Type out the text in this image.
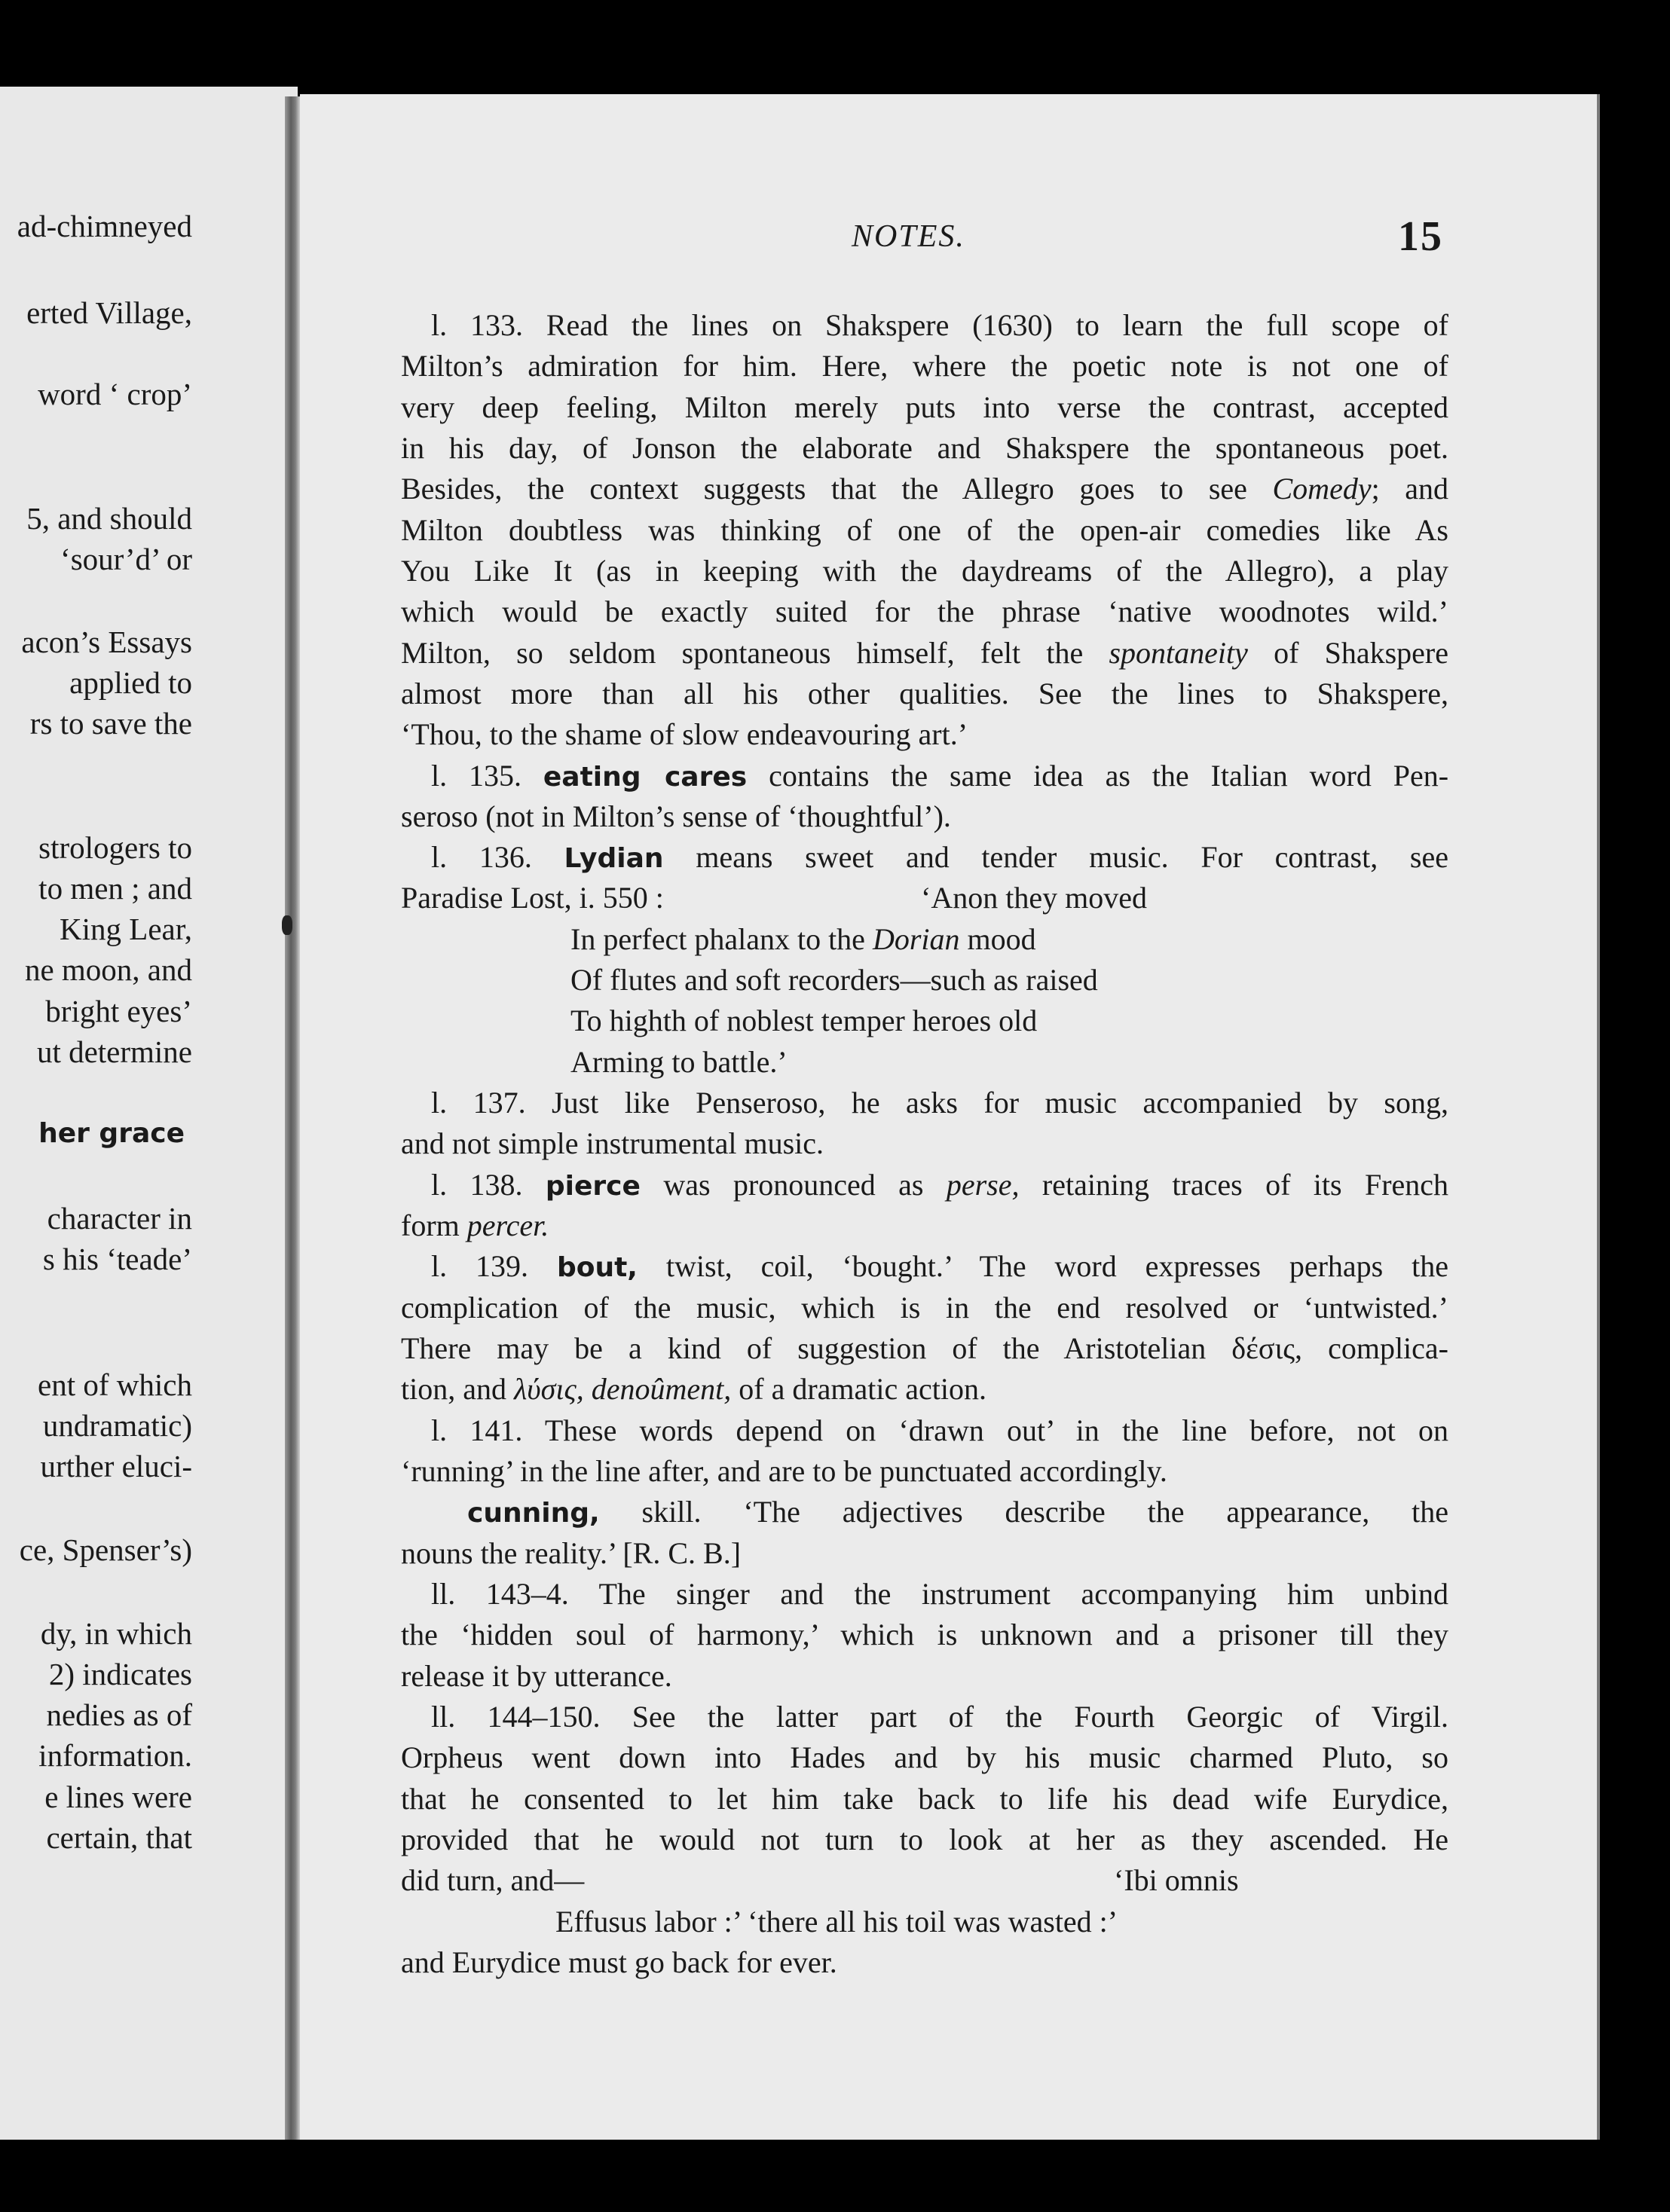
ad-chimneyed
erted Village,
word ‘ crop’
5, and should
‘sour’d’ or
acon’s Essays
applied to
rs to save the
strologers to
to men ; and
King Lear,
ne moon, and
bright eyes’
ut determine
her grace
character in
s his ‘teade’
ent of which
undramatic)
urther eluci-
ce, Spenser’s)
dy, in which
2) indicates
nedies as of
information.
e lines were
certain, that
NOTES.	15
l. 133. Read the lines on Shakspere (1630) to learn the full scope of
Milton’s admiration for him. Here, where the poetic note is not one of
very deep feeling, Milton merely puts into verse the contrast, accepted
in his day, of Jonson the elaborate and Shakspere the spontaneous poet.
Besides, the context suggests that the Allegro goes to see Comedy; and
Milton doubtless was thinking of one of the open-air comedies like As
You Like It (as in keeping with the daydreams of the Allegro), a play
which would be exactly suited for the phrase ‘native woodnotes wild.’
Milton, so seldom spontaneous himself, felt the spontaneity of Shakspere
almost more than all his other qualities. See the lines to Shakspere,
‘Thou, to the shame of slow endeavouring art.’
l. 135. eating cares contains the same idea as the Italian word Pen-
seroso (not in Milton’s sense of ‘thoughtful’).
l. 136. Lydian means sweet and tender music. For contrast, see
Paradise Lost, i. 550 :	‘Anon they moved
In perfect phalanx to the Dorian mood
Of flutes and soft recorders—such as raised
To highth of noblest temper heroes old
Arming to battle.’
l. 137. Just like Penseroso, he asks for music accompanied by song,
and not simple instrumental music.
l. 138. pierce was pronounced as perse, retaining traces of its French
form percer.
l. 139. bout, twist, coil, ‘bought.’ The word expresses perhaps the
complication of the music, which is in the end resolved or ‘untwisted.’
There may be a kind of suggestion of the Aristotelian δέσις, complica-
tion, and λύσις, denoûment, of a dramatic action.
l. 141. These words depend on ‘drawn out’ in the line before, not on
‘running’ in the line after, and are to be punctuated accordingly.
cunning, skill. ‘The adjectives describe the appearance, the
nouns the reality.’ [R. C. B.]
ll. 143–4. The singer and the instrument accompanying him unbind
the ‘hidden soul of harmony,’ which is unknown and a prisoner till they
release it by utterance.
ll. 144–150. See the latter part of the Fourth Georgic of Virgil.
Orpheus went down into Hades and by his music charmed Pluto, so
that he consented to let him take back to life his dead wife Eurydice,
provided that he would not turn to look at her as they ascended. He
did turn, and—	‘Ibi omnis
Effusus labor :’ ‘there all his toil was wasted :’
and Eurydice must go back for ever.
